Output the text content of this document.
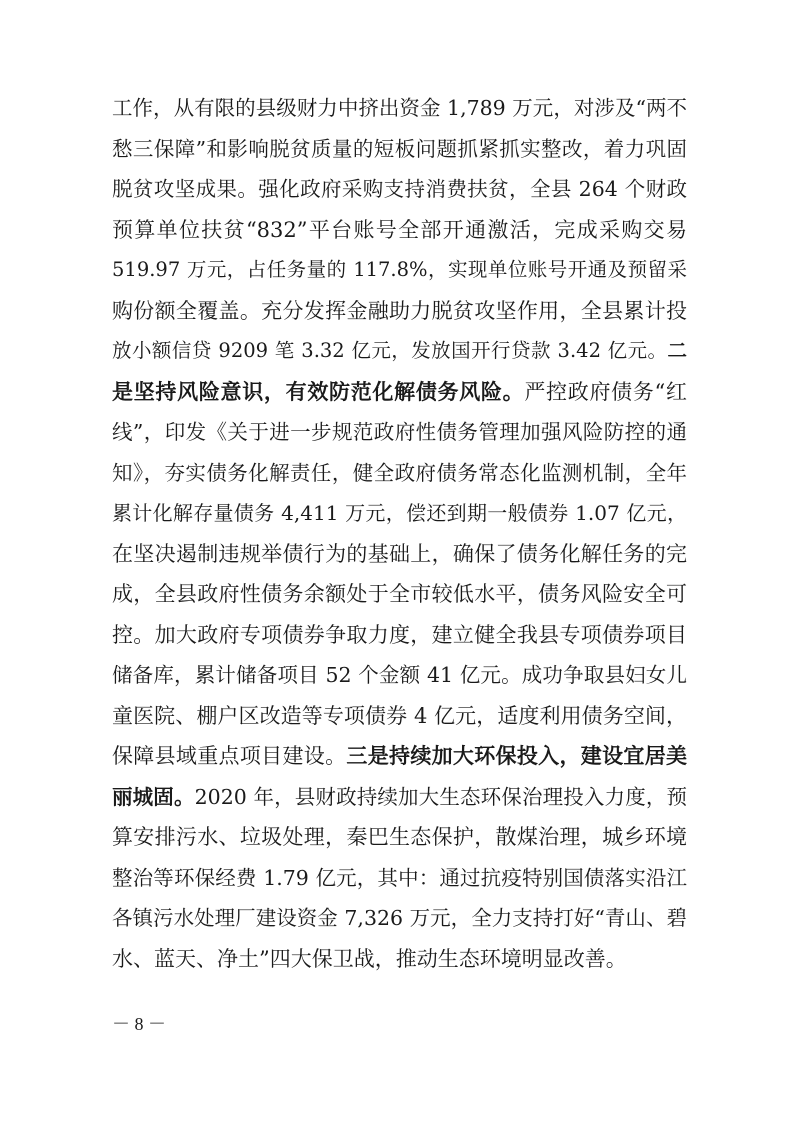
工作，从有限的县级财力中挤出资金 1,789 万元，对涉及“两不
愁三保障”和影响脱贫质量的短板问题抓紧抓实整改，着力巩固
脱贫攻坚成果。强化政府采购支持消费扶贫，全县 264 个财政
预算单位扶贫“832”平台账号全部开通激活，完成采购交易
519.97 万元，占任务量的 117.8%，实现单位账号开通及预留采
购份额全覆盖。充分发挥金融助力脱贫攻坚作用，全县累计投
放小额信贷 9209 笔 3.32 亿元，发放国开行贷款 3.42 亿元。二
是坚持风险意识，有效防范化解债务风险。严控政府债务“红
线”，印发《关于进一步规范政府性债务管理加强风险防控的通
知》，夯实债务化解责任，健全政府债务常态化监测机制，全年
累计化解存量债务 4,411 万元，偿还到期一般债券 1.07 亿元，
在坚决遏制违规举债行为的基础上，确保了债务化解任务的完
成，全县政府性债务余额处于全市较低水平，债务风险安全可
控。加大政府专项债券争取力度，建立健全我县专项债券项目
储备库，累计储备项目 52 个金额 41 亿元。成功争取县妇女儿
童医院、棚户区改造等专项债券 4 亿元，适度利用债务空间，
保障县域重点项目建设。三是持续加大环保投入，建设宜居美
丽城固。2020 年，县财政持续加大生态环保治理投入力度，预
算安排污水、垃圾处理，秦巴生态保护，散煤治理，城乡环境
整治等环保经费 1.79 亿元，其中：通过抗疫特别国债落实沿江
各镇污水处理厂建设资金 7,326 万元，全力支持打好“青山、碧
水、蓝天、净土”四大保卫战，推动生态环境明显改善。
－ 8 －
